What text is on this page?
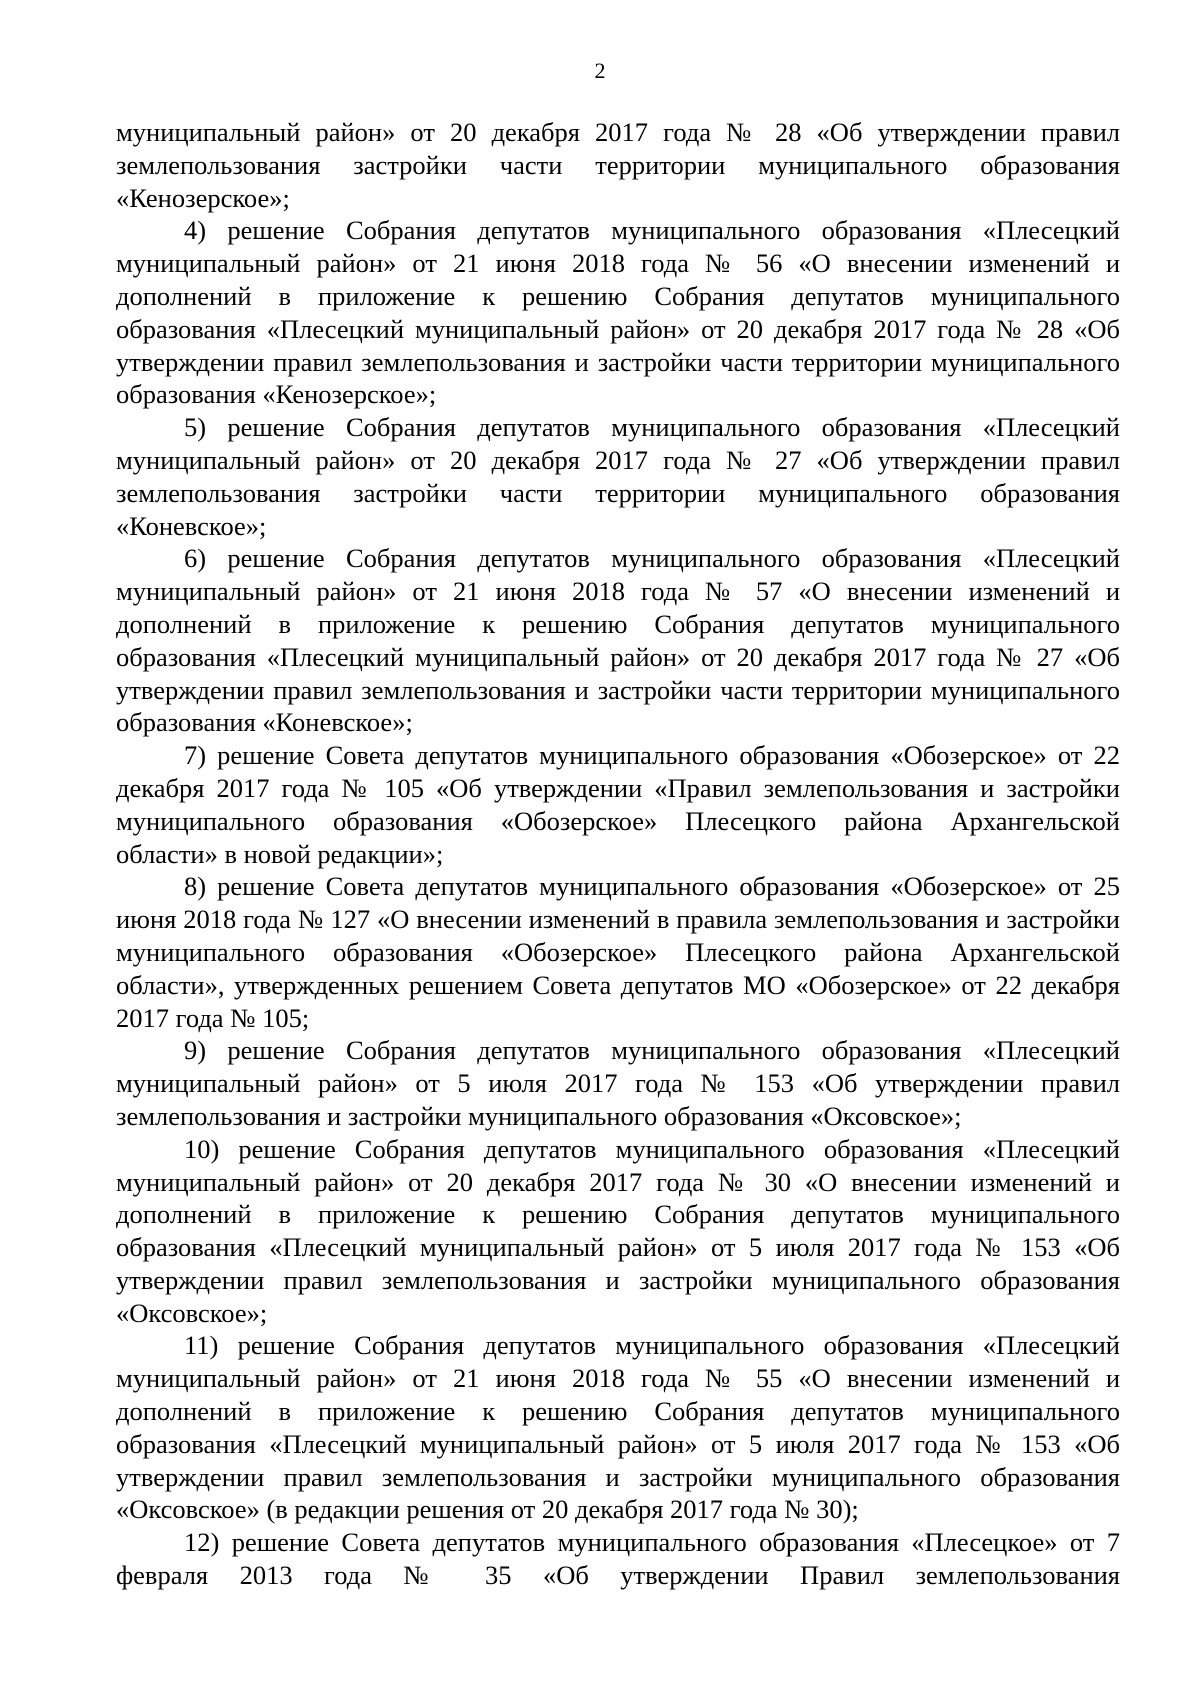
2

муниципальный район» от 20 декабря 2017 года № 28 «Об утверждении правил землепользования застройки части территории муниципального образования «Кенозерское»;

4) решение Собрания депутатов муниципального образования «Плесецкий муниципальный район» от 21 июня 2018 года № 56 «О внесении изменений и дополнений в приложение к решению Собрания депутатов муниципального образования «Плесецкий муниципальный район» от 20 декабря 2017 года № 28 «Об утверждении правил землепользования и застройки части территории муниципального образования «Кенозерское»;

5) решение Собрания депутатов муниципального образования «Плесецкий муниципальный район» от 20 декабря 2017 года № 27 «Об утверждении правил землепользования застройки части территории муниципального образования «Коневское»;

6) решение Собрания депутатов муниципального образования «Плесецкий муниципальный район» от 21 июня 2018 года № 57 «О внесении изменений и дополнений в приложение к решению Собрания депутатов муниципального образования «Плесецкий муниципальный район» от 20 декабря 2017 года № 27 «Об утверждении правил землепользования и застройки части территории муниципального образования «Коневское»;

7) решение Совета депутатов муниципального образования «Обозерское» от 22 декабря 2017 года № 105 «Об утверждении «Правил землепользования и застройки муниципального образования «Обозерское» Плесецкого района Архангельской области» в новой редакции»;

8) решение Совета депутатов муниципального образования «Обозерское» от 25 июня 2018 года № 127 «О внесении изменений в правила землепользования и застройки муниципального образования «Обозерское» Плесецкого района Архангельской области», утвержденных решением Совета депутатов МО «Обозерское» от 22 декабря 2017 года № 105;

9) решение Собрания депутатов муниципального образования «Плесецкий муниципальный район» от 5 июля 2017 года № 153 «Об утверждении правил землепользования и застройки муниципального образования «Оксовское»;

10) решение Собрания депутатов муниципального образования «Плесецкий муниципальный район» от 20 декабря 2017 года № 30 «О внесении изменений и дополнений в приложение к решению Собрания депутатов муниципального образования «Плесецкий муниципальный район» от 5 июля 2017 года № 153 «Об утверждении правил землепользования и застройки муниципального образования «Оксовское»;

11) решение Собрания депутатов муниципального образования «Плесецкий муниципальный район» от 21 июня 2018 года № 55 «О внесении изменений и дополнений в приложение к решению Собрания депутатов муниципального образования «Плесецкий муниципальный район» от 5 июля 2017 года № 153 «Об утверждении правил землепользования и застройки муниципального образования «Оксовское» (в редакции решения от 20 декабря 2017 года № 30);

12) решение Совета депутатов муниципального образования «Плесецкое» от 7 февраля 2013 года № 35 «Об утверждении Правил землепользования
